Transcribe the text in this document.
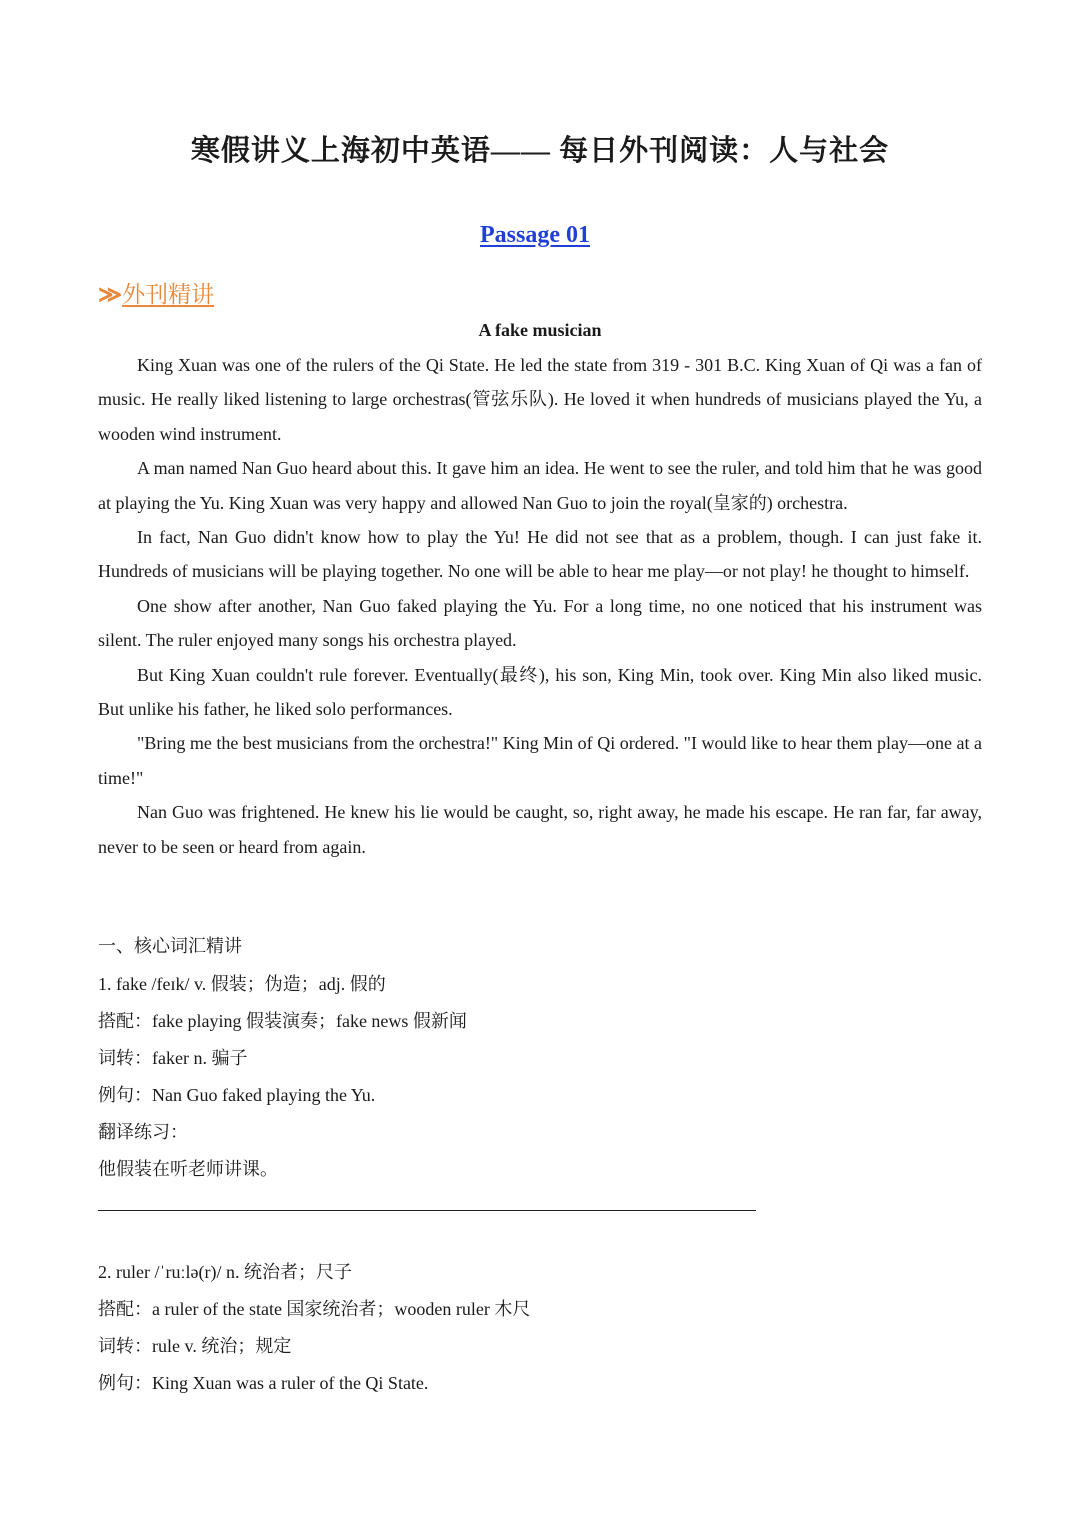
寒假讲义上海初中英语—— 每日外刊阅读：人与社会
Passage 01
≫ 外刊精讲
A fake musician

King Xuan was one of the rulers of the Qi State. He led the state from 319 - 301 B.C. King Xuan of Qi was a fan of music. He really liked listening to large orchestras(管弦乐队). He loved it when hundreds of musicians played the Yu, a wooden wind instrument.

A man named Nan Guo heard about this. It gave him an idea. He went to see the ruler, and told him that he was good at playing the Yu. King Xuan was very happy and allowed Nan Guo to join the royal(皇家的) orchestra.

In fact, Nan Guo didn't know how to play the Yu! He did not see that as a problem, though. I can just fake it. Hundreds of musicians will be playing together. No one will be able to hear me play—or not play! he thought to himself.

One show after another, Nan Guo faked playing the Yu. For a long time, no one noticed that his instrument was silent. The ruler enjoyed many songs his orchestra played.

But King Xuan couldn't rule forever. Eventually(最终), his son, King Min, took over. King Min also liked music. But unlike his father, he liked solo performances.

"Bring me the best musicians from the orchestra!" King Min of Qi ordered. "I would like to hear them play—one at a time!"

Nan Guo was frightened. He knew his lie would be caught, so, right away, he made his escape. He ran far, far away, never to be seen or heard from again.

一、核心词汇精讲
1. fake /feɪk/ v. 假装；伪造；adj. 假的
搭配：fake playing 假装演奏；fake news 假新闻
词转：faker n. 骗子
例句：Nan Guo faked playing the Yu.
翻译练习：
他假装在听老师讲课。
2. ruler /ˈruːlə(r)/ n. 统治者；尺子
搭配：a ruler of the state 国家统治者；wooden ruler 木尺
词转：rule v. 统治；规定
例句：King Xuan was a ruler of the Qi State.
